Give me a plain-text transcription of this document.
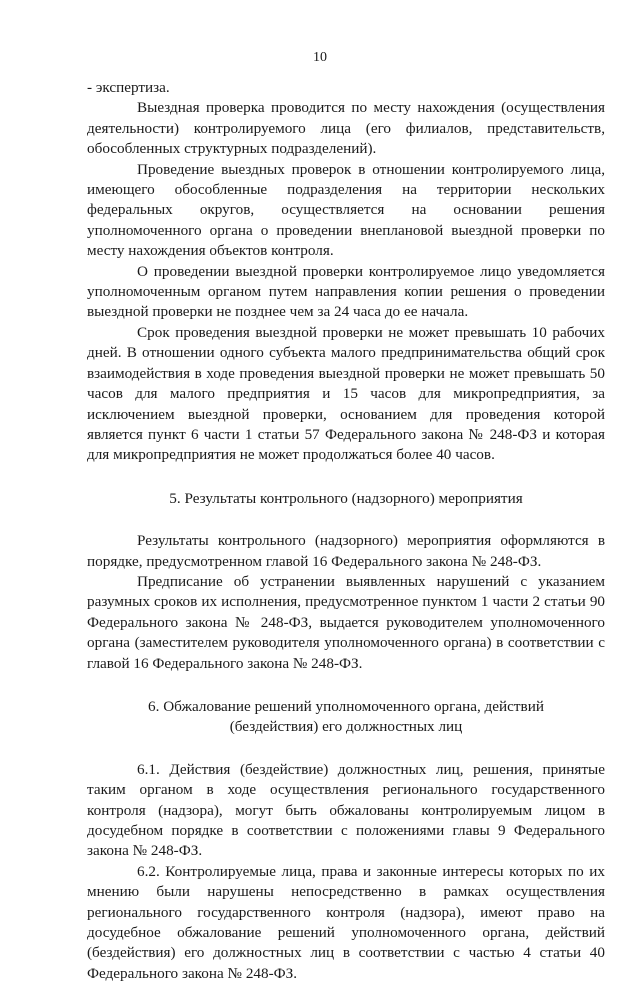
10

- экспертиза.

Выездная проверка проводится по месту нахождения (осуществления деятельности) контролируемого лица (его филиалов, представительств, обособленных структурных подразделений).

Проведение выездных проверок в отношении контролируемого лица, имеющего обособленные подразделения на территории нескольких федеральных округов, осуществляется на основании решения уполномоченного органа о проведении внеплановой выездной проверки по месту нахождения объектов контроля.

О проведении выездной проверки контролируемое лицо уведомляется уполномоченным органом путем направления копии решения о проведении выездной проверки не позднее чем за 24 часа до ее начала.

Срок проведения выездной проверки не может превышать 10 рабочих дней. В отношении одного субъекта малого предпринимательства общий срок взаимодействия в ходе проведения выездной проверки не может превышать 50 часов для малого предприятия и 15 часов для микропредприятия, за исключением выездной проверки, основанием для проведения которой является пункт 6 части 1 статьи 57 Федерального закона № 248-ФЗ и которая для микропредприятия не может продолжаться более 40 часов.

5. Результаты контрольного (надзорного) мероприятия

Результаты контрольного (надзорного) мероприятия оформляются в порядке, предусмотренном главой 16 Федерального закона № 248-ФЗ.

Предписание об устранении выявленных нарушений с указанием разумных сроков их исполнения, предусмотренное пунктом 1 части 2 статьи 90 Федерального закона № 248-ФЗ, выдается руководителем уполномоченного органа (заместителем руководителя уполномоченного органа) в соответствии с главой 16 Федерального закона № 248-ФЗ.

6. Обжалование решений уполномоченного органа, действий
(бездействия) его должностных лиц

6.1. Действия (бездействие) должностных лиц, решения, принятые таким органом в ходе осуществления регионального государственного контроля (надзора), могут быть обжалованы контролируемым лицом в досудебном порядке в соответствии с положениями главы 9 Федерального закона № 248-ФЗ.

6.2. Контролируемые лица, права и законные интересы которых по их мнению были нарушены непосредственно в рамках осуществления регионального государственного контроля (надзора), имеют право на досудебное обжалование решений уполномоченного органа, действий (бездействия) его должностных лиц в соответствии с частью 4 статьи 40 Федерального закона № 248-ФЗ.
